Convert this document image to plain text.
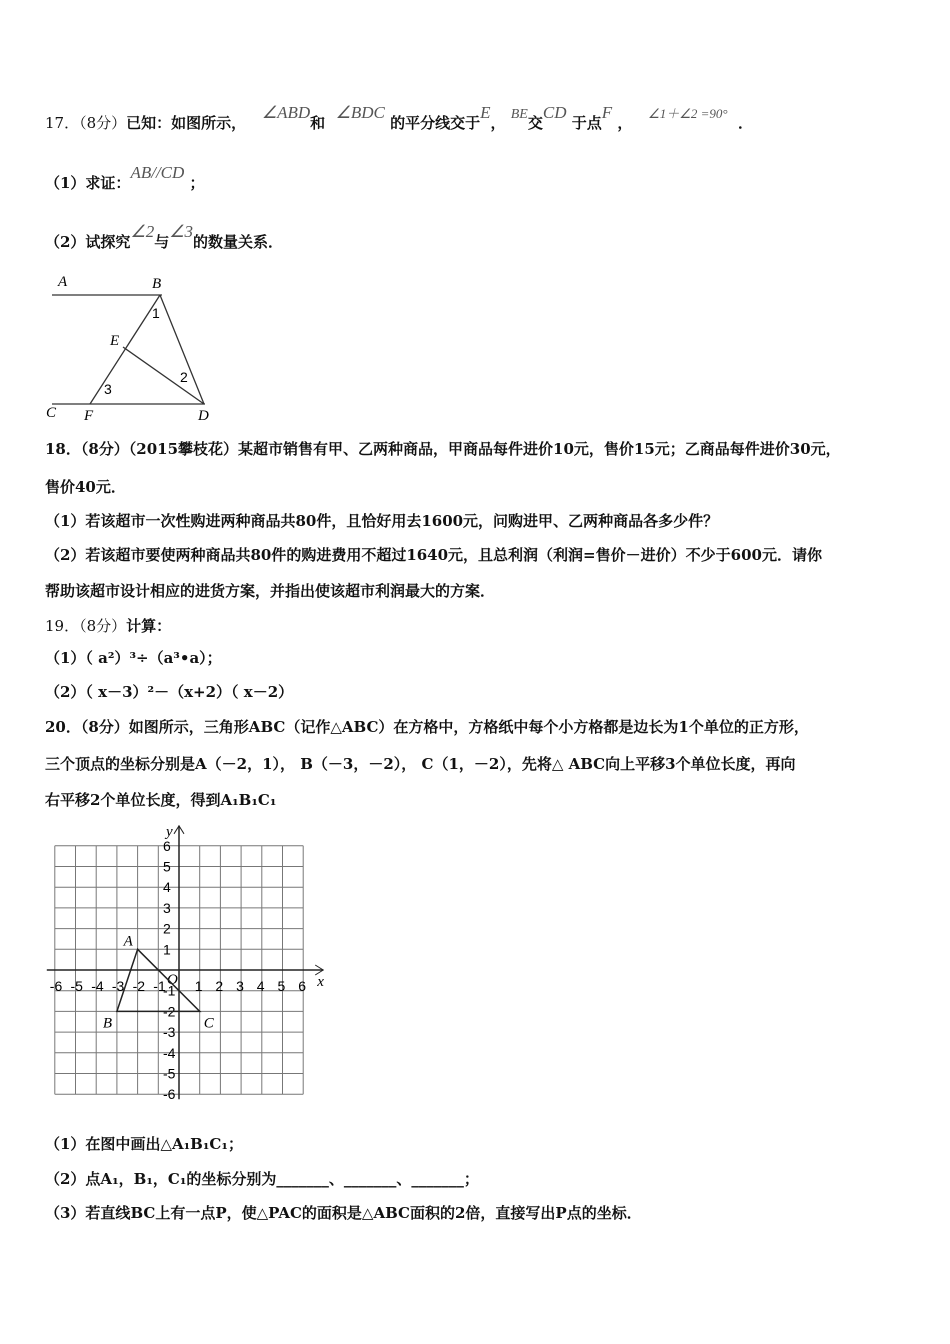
17．（8分）已知：如图所示，   ∠ABD和  ∠BDC 的平分线交于E， BE交CD 于点F ，   ∠1＋∠2 =90°  ．
（1）求证：AB//CD ；
（2）试探究∠2与∠3的数量关系．
A	B
C	D
E
F
1
2
3
18．（8分）（2015攀枝花）某超市销售有甲、乙两种商品，甲商品每件进价10元，售价15元；乙商品每件进价30元，
售价40元．
（1）若该超市一次性购进两种商品共80件，且恰好用去1600元，问购进甲、乙两种商品各多少件？
（2）若该超市要使两种商品共80件的购进费用不超过1640元，且总利润（利润=售价－进价）不少于600元．请你
帮助该超市设计相应的进货方案，并指出使该超市利润最大的方案．
19．（8分）计算：
（1）（ a²）³÷（a³•a）；
（2）（ x－3）²－（x+2）（ x－2）
20．（8分）如图所示，三角形ABC（记作△ABC）在方格中，方格纸中每个小方格都是边长为1个单位的正方形，
三个顶点的坐标分别是A（－2，1）， B（－3，－2）， C（1，－2），先将△ ABC向上平移3个单位长度，再向
右平移2个单位长度，得到A₁B₁C₁
-6
-6
-5
-5
-4
-4
-3
-3
-2
-2
-1
-1 1
1
2
2
3
3
4
4
5
5
6
6
x
y
O
A
B	C
（1）在图中画出△A₁B₁C₁；
（2）点A₁，B₁，C₁的坐标分别为_______、_______、_______；
（3）若直线BC上有一点P，使△PAC的面积是△ABC面积的2倍，直接写出P点的坐标．
